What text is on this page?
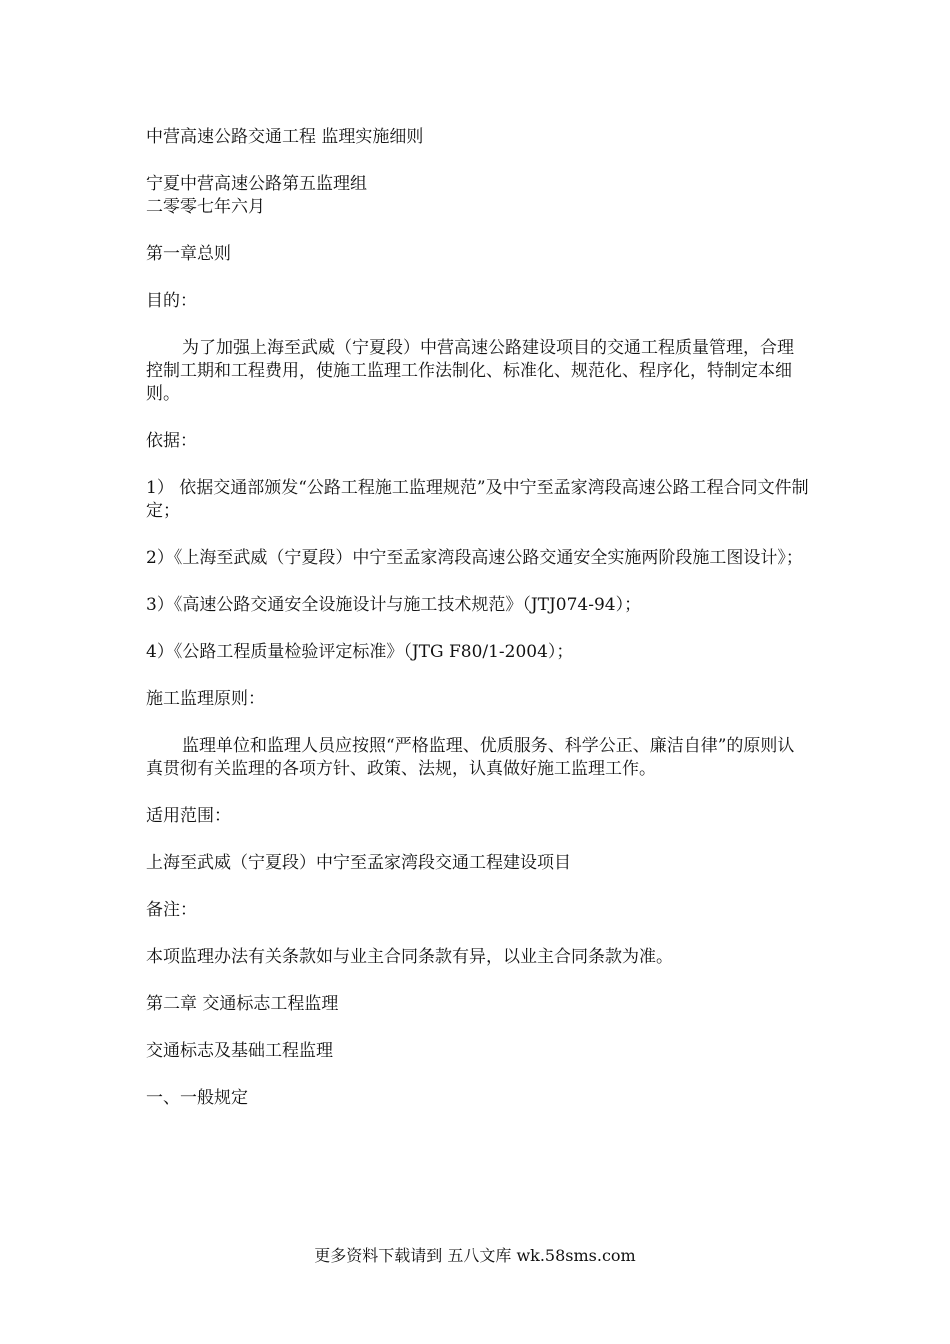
中营高速公路交通工程 监理实施细则

宁夏中营高速公路第五监理组

二零零七年六月

第一章总则

目的：

为了加强上海至武威（宁夏段）中营高速公路建设项目的交通工程质量管理，合理控制工期和工程费用，使施工监理工作法制化、标准化、规范化、程序化，特制定本细则。

依据：

1） 依据交通部颁发“公路工程施工监理规范”及中宁至孟家湾段高速公路工程合同文件制定；

2）《上海至武威（宁夏段）中宁至孟家湾段高速公路交通安全实施两阶段施工图设计》；

3）《高速公路交通安全设施设计与施工技术规范》（JTJ074-94）；

4）《公路工程质量检验评定标准》（JTG F80/1-2004）；

施工监理原则：

监理单位和监理人员应按照“严格监理、优质服务、科学公正、廉洁自律”的原则认真贯彻有关监理的各项方针、政策、法规，认真做好施工监理工作。

适用范围：

上海至武威（宁夏段）中宁至孟家湾段交通工程建设项目

备注：

本项监理办法有关条款如与业主合同条款有异，以业主合同条款为准。

第二章 交通标志工程监理

交通标志及基础工程监理

一、一般规定

更多资料下载请到 五八文库 wk.58sms.com
